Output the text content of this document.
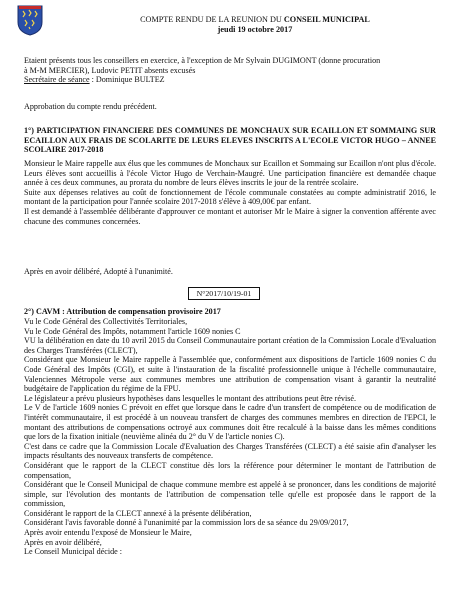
COMPTE RENDU DE LA REUNION DU CONSEIL MUNICIPAL
jeudi 19 octobre 2017

Etaient présents tous les conseillers en exercice, à l'exception de Mr Sylvain DUGIMONT (donne procuration

à M-M MERCIER), Ludovic PETIT absents excusés

Secrétaire de séance : Dominique BULTEZ

Approbation du compte rendu précédent.
1°) PARTICIPATION FINANCIERE DES COMMUNES DE MONCHAUX SUR ECAILLON ET SOMMAING SUR ECAILLON AUX FRAIS DE SCOLARITE DE LEURS ELEVES INSCRITS A L'ECOLE VICTOR HUGO – ANNEE SCOLAIRE 2017-2018

Monsieur le Maire rappelle aux élus que les communes de Monchaux sur Ecaillon et Sommaing sur Ecaillon n'ont plus d'école. Leurs élèves sont accueillis à l'école Victor Hugo de Verchain-Maugré. Une participation financière est demandée chaque année à ces deux communes, au prorata du nombre de leurs élèves inscrits le jour de la rentrée scolaire.

Suite aux dépenses relatives au coût de fonctionnement de l'école communale constatées au compte administratif 2016, le montant de la participation pour l'année scolaire 2017-2018 s'élève à 409,00€ par enfant.

Il est demandé à l'assemblée délibérante d'approuver ce montant et autoriser Mr le Maire à signer la convention afférente avec chacune des communes concernées.

Après en avoir délibéré, Adopté à l'unanimité.
N°2017/10/19-01
2°) CAVM : Attribution de compensation provisoire 2017

Vu le Code Général des Collectivités Territoriales,

Vu le Code Général des Impôts, notamment l'article 1609 nonies C

VU la délibération en date du 10 avril 2015 du Conseil Communautaire portant création de la Commission Locale d'Evaluation des Charges Transférées (CLECT),

Considérant que Monsieur le Maire rappelle à l'assemblée que, conformément aux dispositions de l'article 1609 nonies C du Code Général des Impôts (CGI), et suite à l'instauration de la fiscalité professionnelle unique à l'échelle communautaire, Valenciennes Métropole verse aux communes membres une attribution de compensation visant à garantir la neutralité budgétaire de l'application du régime de la FPU.

Le législateur a prévu plusieurs hypothèses dans lesquelles le montant des attributions peut être révisé.

Le V de l'article 1609 nonies C prévoit en effet que lorsque dans le cadre d'un transfert de compétence ou de modification de l'intérêt communautaire, il est procédé à un nouveau transfert de charges des communes membres en direction de l'EPCI, le montant des attributions de compensations octroyé aux communes doit être recalculé à la baisse dans les mêmes conditions que lors de la fixation initiale (neuvième alinéa du 2° du V de l'article nonies C).

C'est dans ce cadre que la Commission Locale d'Evaluation des Charges Transférées (CLECT) a été saisie afin d'analyser les impacts résultants des nouveaux transferts de compétence.

Considérant que le rapport de la CLECT constitue dès lors la référence pour déterminer le montant de l'attribution de compensation,

Considérant que le Conseil Municipal de chaque commune membre est appelé à se prononcer, dans les conditions de majorité simple, sur l'évolution des montants de l'attribution de compensation telle qu'elle est proposée dans le rapport de la commission,

Considérant le rapport de la CLECT annexé à la présente délibération,

Considérant l'avis favorable donné à l'unanimité par la commission lors de sa séance du 29/09/2017,

Après avoir entendu l'exposé de Monsieur le Maire,

Après en avoir délibéré,

Le Conseil Municipal décide :
